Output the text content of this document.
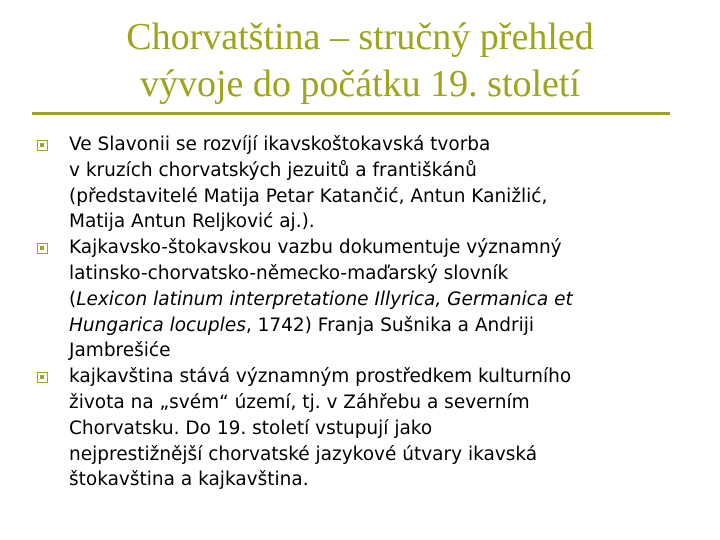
Chorvatština – stručný přehled
vývoje do počátku 19. století
Ve Slavonii se rozvíjí ikavskoštokavská tvorba
v kruzích chorvatských jezuitů a františkánů
(představitelé Matija Petar Katančić, Antun Kanižlić,
Matija Antun Reljković aj.).
Kajkavsko-štokavskou vazbu dokumentuje významný
latinsko-chorvatsko-německo-maďarský slovník
(Lexicon latinum interpretatione Illyrica, Germanica et
Hungarica locuples, 1742) Franja Sušnika a Andriji
Jambrešiće
kajkavština stává významným prostředkem kulturního
života na „svém“ území, tj. v Záhřebu a severním
Chorvatsku. Do 19. století vstupují jako
nejprestižnější chorvatské jazykové útvary ikavská
štokavština a kajkavština.
